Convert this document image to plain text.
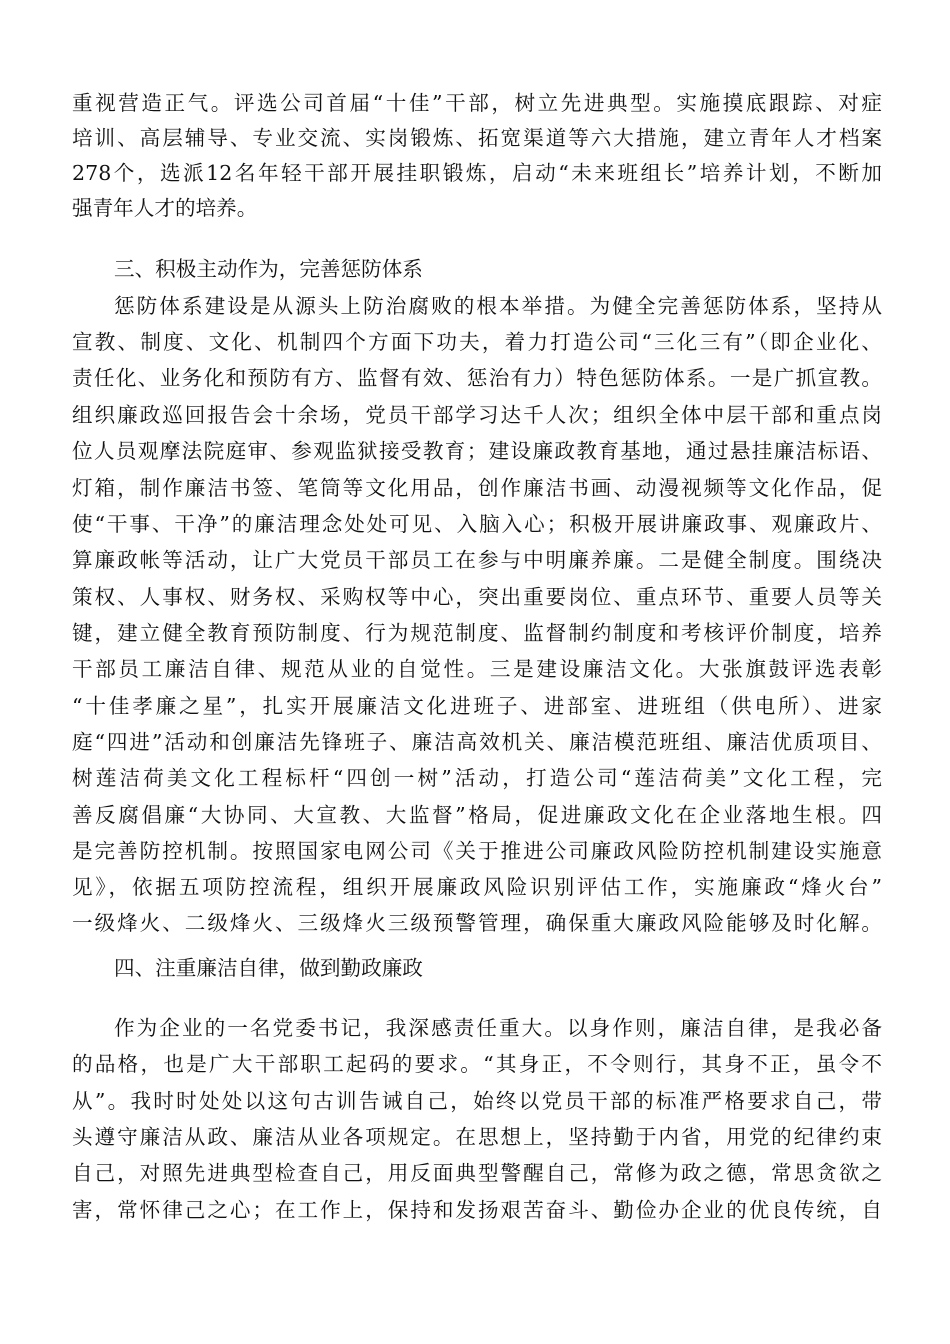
重视营造正气。评选公司首届“十佳”干部，树立先进典型。实施摸底跟踪、对症
培训、高层辅导、专业交流、实岗锻炼、拓宽渠道等六大措施，建立青年人才档案
278个，选派12名年轻干部开展挂职锻炼，启动“未来班组长”培养计划，不断加
强青年人才的培养。
三、积极主动作为，完善惩防体系
惩防体系建设是从源头上防治腐败的根本举措。为健全完善惩防体系，坚持从
宣教、制度、文化、机制四个方面下功夫，着力打造公司“三化三有”（即企业化、
责任化、业务化和预防有方、监督有效、惩治有力）特色惩防体系。一是广抓宣教。
组织廉政巡回报告会十余场，党员干部学习达千人次；组织全体中层干部和重点岗
位人员观摩法院庭审、参观监狱接受教育；建设廉政教育基地，通过悬挂廉洁标语、
灯箱，制作廉洁书签、笔筒等文化用品，创作廉洁书画、动漫视频等文化作品，促
使“干事、干净”的廉洁理念处处可见、入脑入心；积极开展讲廉政事、观廉政片、
算廉政帐等活动，让广大党员干部员工在参与中明廉养廉。二是健全制度。围绕决
策权、人事权、财务权、采购权等中心，突出重要岗位、重点环节、重要人员等关
键，建立健全教育预防制度、行为规范制度、监督制约制度和考核评价制度，培养
干部员工廉洁自律、规范从业的自觉性。三是建设廉洁文化。大张旗鼓评选表彰
“十佳孝廉之星”，扎实开展廉洁文化进班子、进部室、进班组（供电所）、进家
庭“四进”活动和创廉洁先锋班子、廉洁高效机关、廉洁模范班组、廉洁优质项目、
树莲洁荷美文化工程标杆“四创一树”活动，打造公司“莲洁荷美”文化工程，完
善反腐倡廉“大协同、大宣教、大监督”格局，促进廉政文化在企业落地生根。四
是完善防控机制。按照国家电网公司《关于推进公司廉政风险防控机制建设实施意
见》，依据五项防控流程，组织开展廉政风险识别评估工作，实施廉政“烽火台”
一级烽火、二级烽火、三级烽火三级预警管理，确保重大廉政风险能够及时化解。
四、注重廉洁自律，做到勤政廉政
作为企业的一名党委书记，我深感责任重大。以身作则，廉洁自律，是我必备
的品格，也是广大干部职工起码的要求。“其身正，不令则行，其身不正，虽令不
从”。我时时处处以这句古训告诫自己，始终以党员干部的标准严格要求自己，带
头遵守廉洁从政、廉洁从业各项规定。在思想上，坚持勤于内省，用党的纪律约束
自己，对照先进典型检查自己，用反面典型警醒自己，常修为政之德，常思贪欲之
害，常怀律己之心；在工作上，保持和发扬艰苦奋斗、勤俭办企业的优良传统，自
